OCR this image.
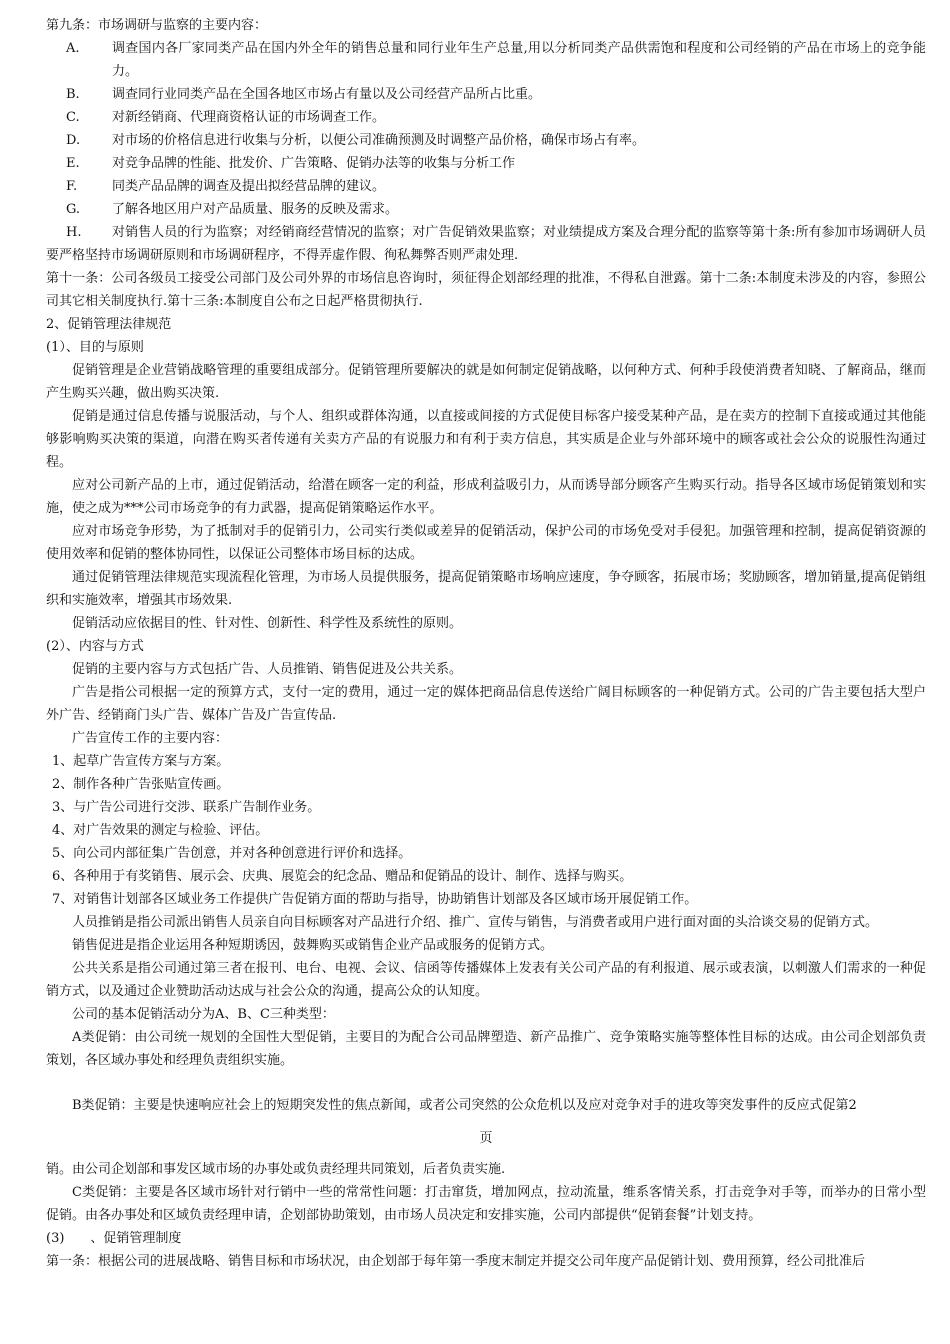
第九条：市场调研与监察的主要内容：

A.	调查国内各厂家同类产品在国内外全年的销售总量和同行业年生产总量,用以分析同类产品供需饱和程度和公司经销的产品在市场上的竞争能力。
B.	调查同行业同类产品在全国各地区市场占有量以及公司经营产品所占比重。
C.	对新经销商、代理商资格认证的市场调查工作。
D.	对市场的价格信息进行收集与分析，以便公司准确预测及时调整产品价格，确保市场占有率。
E.	对竞争品牌的性能、批发价、广告策略、促销办法等的收集与分析工作
F.	同类产品品牌的调查及提出拟经营品牌的建议。
G.	了解各地区用户对产品质量、服务的反映及需求。

H. 对销售人员的行为监察；对经销商经营情况的监察；对广告促销效果监察；对业绩提成方案及合理分配的监察等第十条:所有参加市场调研人员要严格坚持市场调研原则和市场调研程序，不得弄虚作假、徇私舞弊否则严肃处理.

第十一条：公司各级员工接受公司部门及公司外界的市场信息咨询时，须征得企划部经理的批准，不得私自泄露。第十二条:本制度未涉及的内容，参照公司其它相关制度执行.第十三条:本制度自公布之日起严格贯彻执行.

2、促销管理法律规范

(1）、目的与原则

促销管理是企业营销战略管理的重要组成部分。促销管理所要解决的就是如何制定促销战略，以何种方式、何种手段使消费者知晓、了解商品，继而产生购买兴趣，做出购买决策.

促销是通过信息传播与说服活动，与个人、组织或群体沟通，以直接或间接的方式促使目标客户接受某种产品，是在卖方的控制下直接或通过其他能够影响购买决策的渠道，向潜在购买者传递有关卖方产品的有说服力和有利于卖方信息，其实质是企业与外部环境中的顾客或社会公众的说服性沟通过程。

应对公司新产品的上市，通过促销活动，给潜在顾客一定的利益，形成利益吸引力，从而诱导部分顾客产生购买行动。指导各区域市场促销策划和实施，使之成为***公司市场竞争的有力武器，提高促销策略运作水平。

应对市场竞争形势，为了抵制对手的促销引力，公司实行类似或差异的促销活动，保护公司的市场免受对手侵犯。加强管理和控制，提高促销资源的使用效率和促销的整体协同性，以保证公司整体市场目标的达成。

通过促销管理法律规范实现流程化管理，为市场人员提供服务，提高促销策略市场响应速度，争夺顾客，拓展市场；奖励顾客，增加销量,提高促销组织和实施效率，增强其市场效果.

促销活动应依据目的性、针对性、创新性、科学性及系统性的原则。

(2）、内容与方式

促销的主要内容与方式包括广告、人员推销、销售促进及公共关系。

广告是指公司根据一定的预算方式，支付一定的费用，通过一定的媒体把商品信息传送给广阔目标顾客的一种促销方式。公司的广告主要包括大型户外广告、经销商门头广告、媒体广告及广告宣传品.

广告宣传工作的主要内容：

1、起草广告宣传方案与方案。

2、制作各种广告张贴宣传画。

3、与广告公司进行交涉、联系广告制作业务。

4、对广告效果的测定与检验、评估。

5、向公司内部征集广告创意，并对各种创意进行评价和选择。

6、各种用于有奖销售、展示会、庆典、展览会的纪念品、赠品和促销品的设计、制作、选择与购买。

7、对销售计划部各区域业务工作提供广告促销方面的帮助与指导，协助销售计划部及各区域市场开展促销工作。

人员推销是指公司派出销售人员亲自向目标顾客对产品进行介绍、推广、宣传与销售，与消费者或用户进行面对面的头洽谈交易的促销方式。

销售促进是指企业运用各种短期诱因，鼓舞购买或销售企业产品或服务的促销方式。

公共关系是指公司通过第三者在报刊、电台、电视、会议、信函等传播媒体上发表有关公司产品的有利报道、展示或表演，以刺激人们需求的一种促销方式，以及通过企业赞助活动达成与社会公众的沟通，提高公众的认知度。

公司的基本促销活动分为A、B、C三种类型：

A类促销：由公司统一规划的全国性大型促销，主要目的为配合公司品牌塑造、新产品推广、竞争策略实施等整体性目标的达成。由公司企划部负责策划，各区域办事处和经理负责组织实施。

B类促销：主要是快速响应社会上的短期突发性的焦点新闻，或者公司突然的公众危机以及应对竞争对手的进攻等突发事件的反应式促第2

页

销。由公司企划部和事发区域市场的办事处或负责经理共同策划，后者负责实施.

C类促销：主要是各区域市场针对行销中一些的常常性问题：打击窜货，增加网点，拉动流量，维系客情关系，打击竞争对手等，而举办的日常小型促销。由各办事处和区域负责经理申请，企划部协助策划，由市场人员决定和安排实施，公司内部提供“促销套餐”计划支持。

(3)　　、促销管理制度

第一条：根据公司的进展战略、销售目标和市场状况，由企划部于每年第一季度末制定并提交公司年度产品促销计划、费用预算，经公司批准后
